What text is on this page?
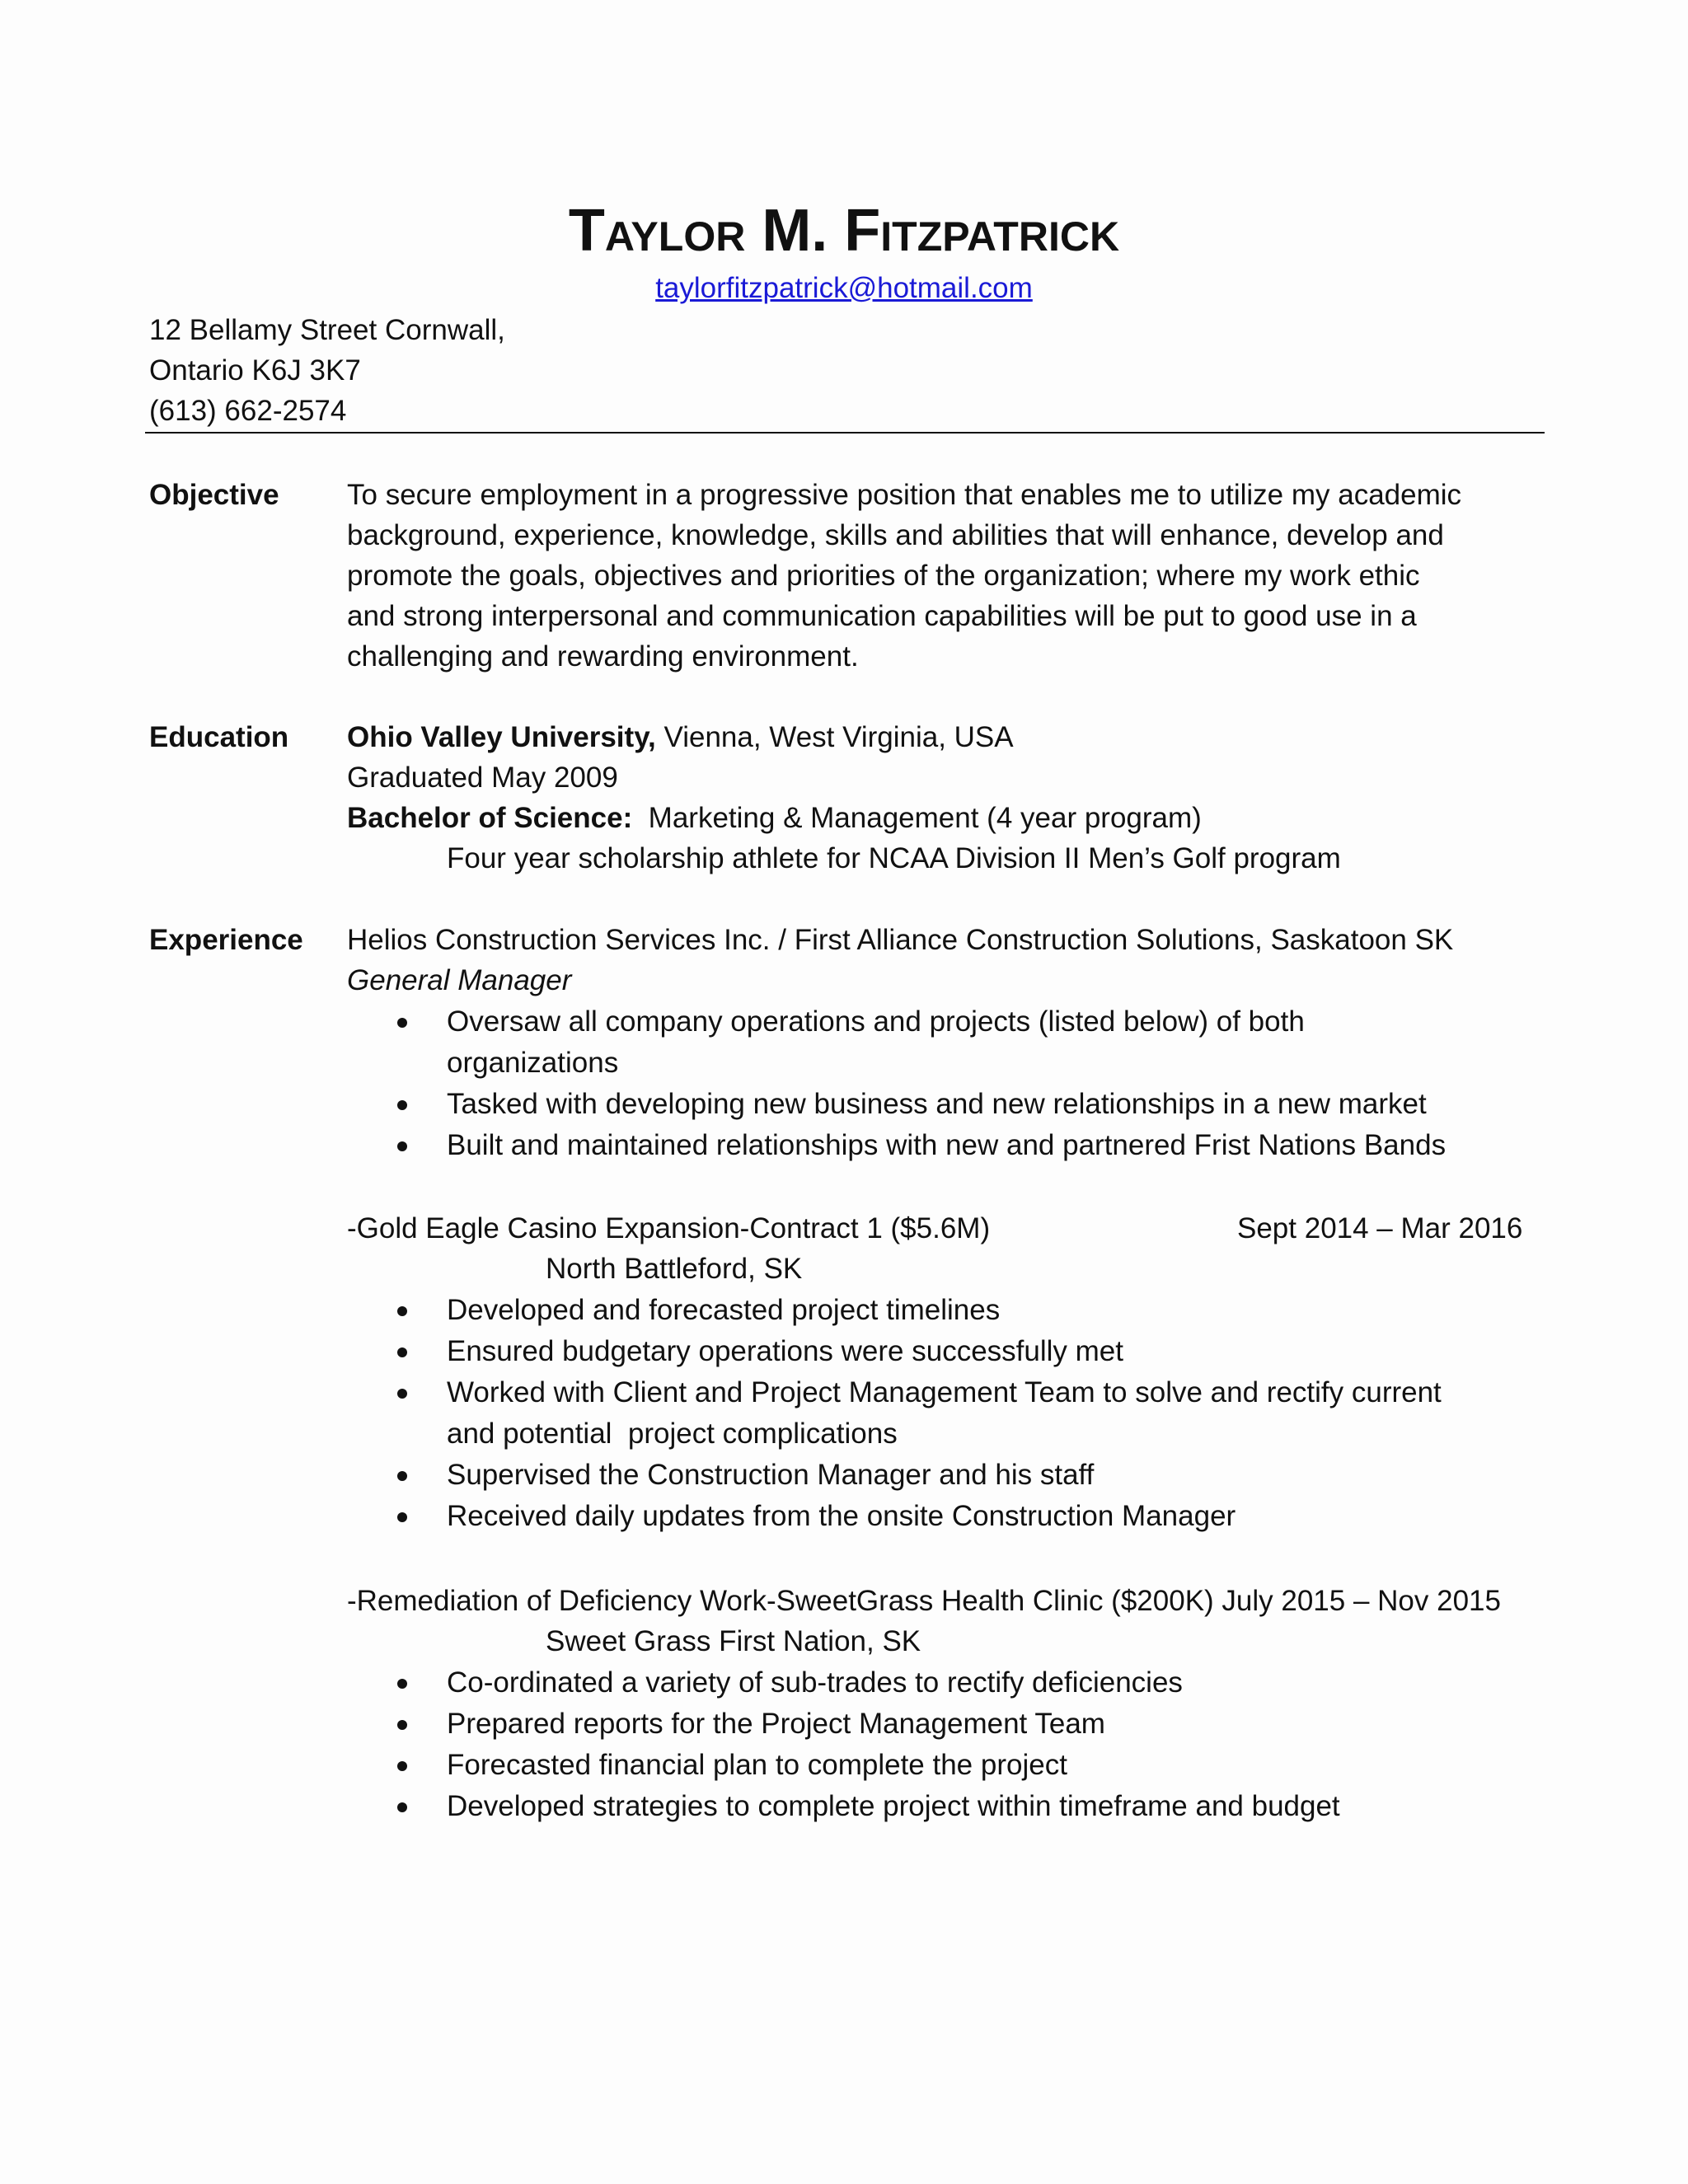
Taylor M. Fitzpatrick
taylorfitzpatrick@hotmail.com
12 Bellamy Street Cornwall,
Ontario K6J 3K7
(613) 662-2574
Objective To secure employment in a progressive position that enables me to utilize my academic
background, experience, knowledge, skills and abilities that will enhance, develop and
promote the goals, objectives and priorities of the organization; where my work ethic
and strong interpersonal and communication capabilities will be put to good use in a
challenging and rewarding environment.
Education Ohio Valley University, Vienna, West Virginia, USA
Graduated May 2009
Bachelor of Science:  Marketing & Management (4 year program)
Four year scholarship athlete for NCAA Division II Men’s Golf program
Experience Helios Construction Services Inc. / First Alliance Construction Solutions, Saskatoon SK
General Manager
Oversaw all company operations and projects (listed below) of both
organizations
Tasked with developing new business and new relationships in a new market
Built and maintained relationships with new and partnered Frist Nations Bands
-Gold Eagle Casino Expansion-Contract 1 ($5.6M)	Sept 2014 – Mar 2016
North Battleford, SK
Developed and forecasted project timelines
Ensured budgetary operations were successfully met
Worked with Client and Project Management Team to solve and rectify current
and potential  project complications
Supervised the Construction Manager and his staff
Received daily updates from the onsite Construction Manager
-Remediation of Deficiency Work-SweetGrass Health Clinic ($200K) July 2015 – Nov 2015
Sweet Grass First Nation, SK
Co-ordinated a variety of sub-trades to rectify deficiencies
Prepared reports for the Project Management Team
Forecasted financial plan to complete the project
Developed strategies to complete project within timeframe and budget
